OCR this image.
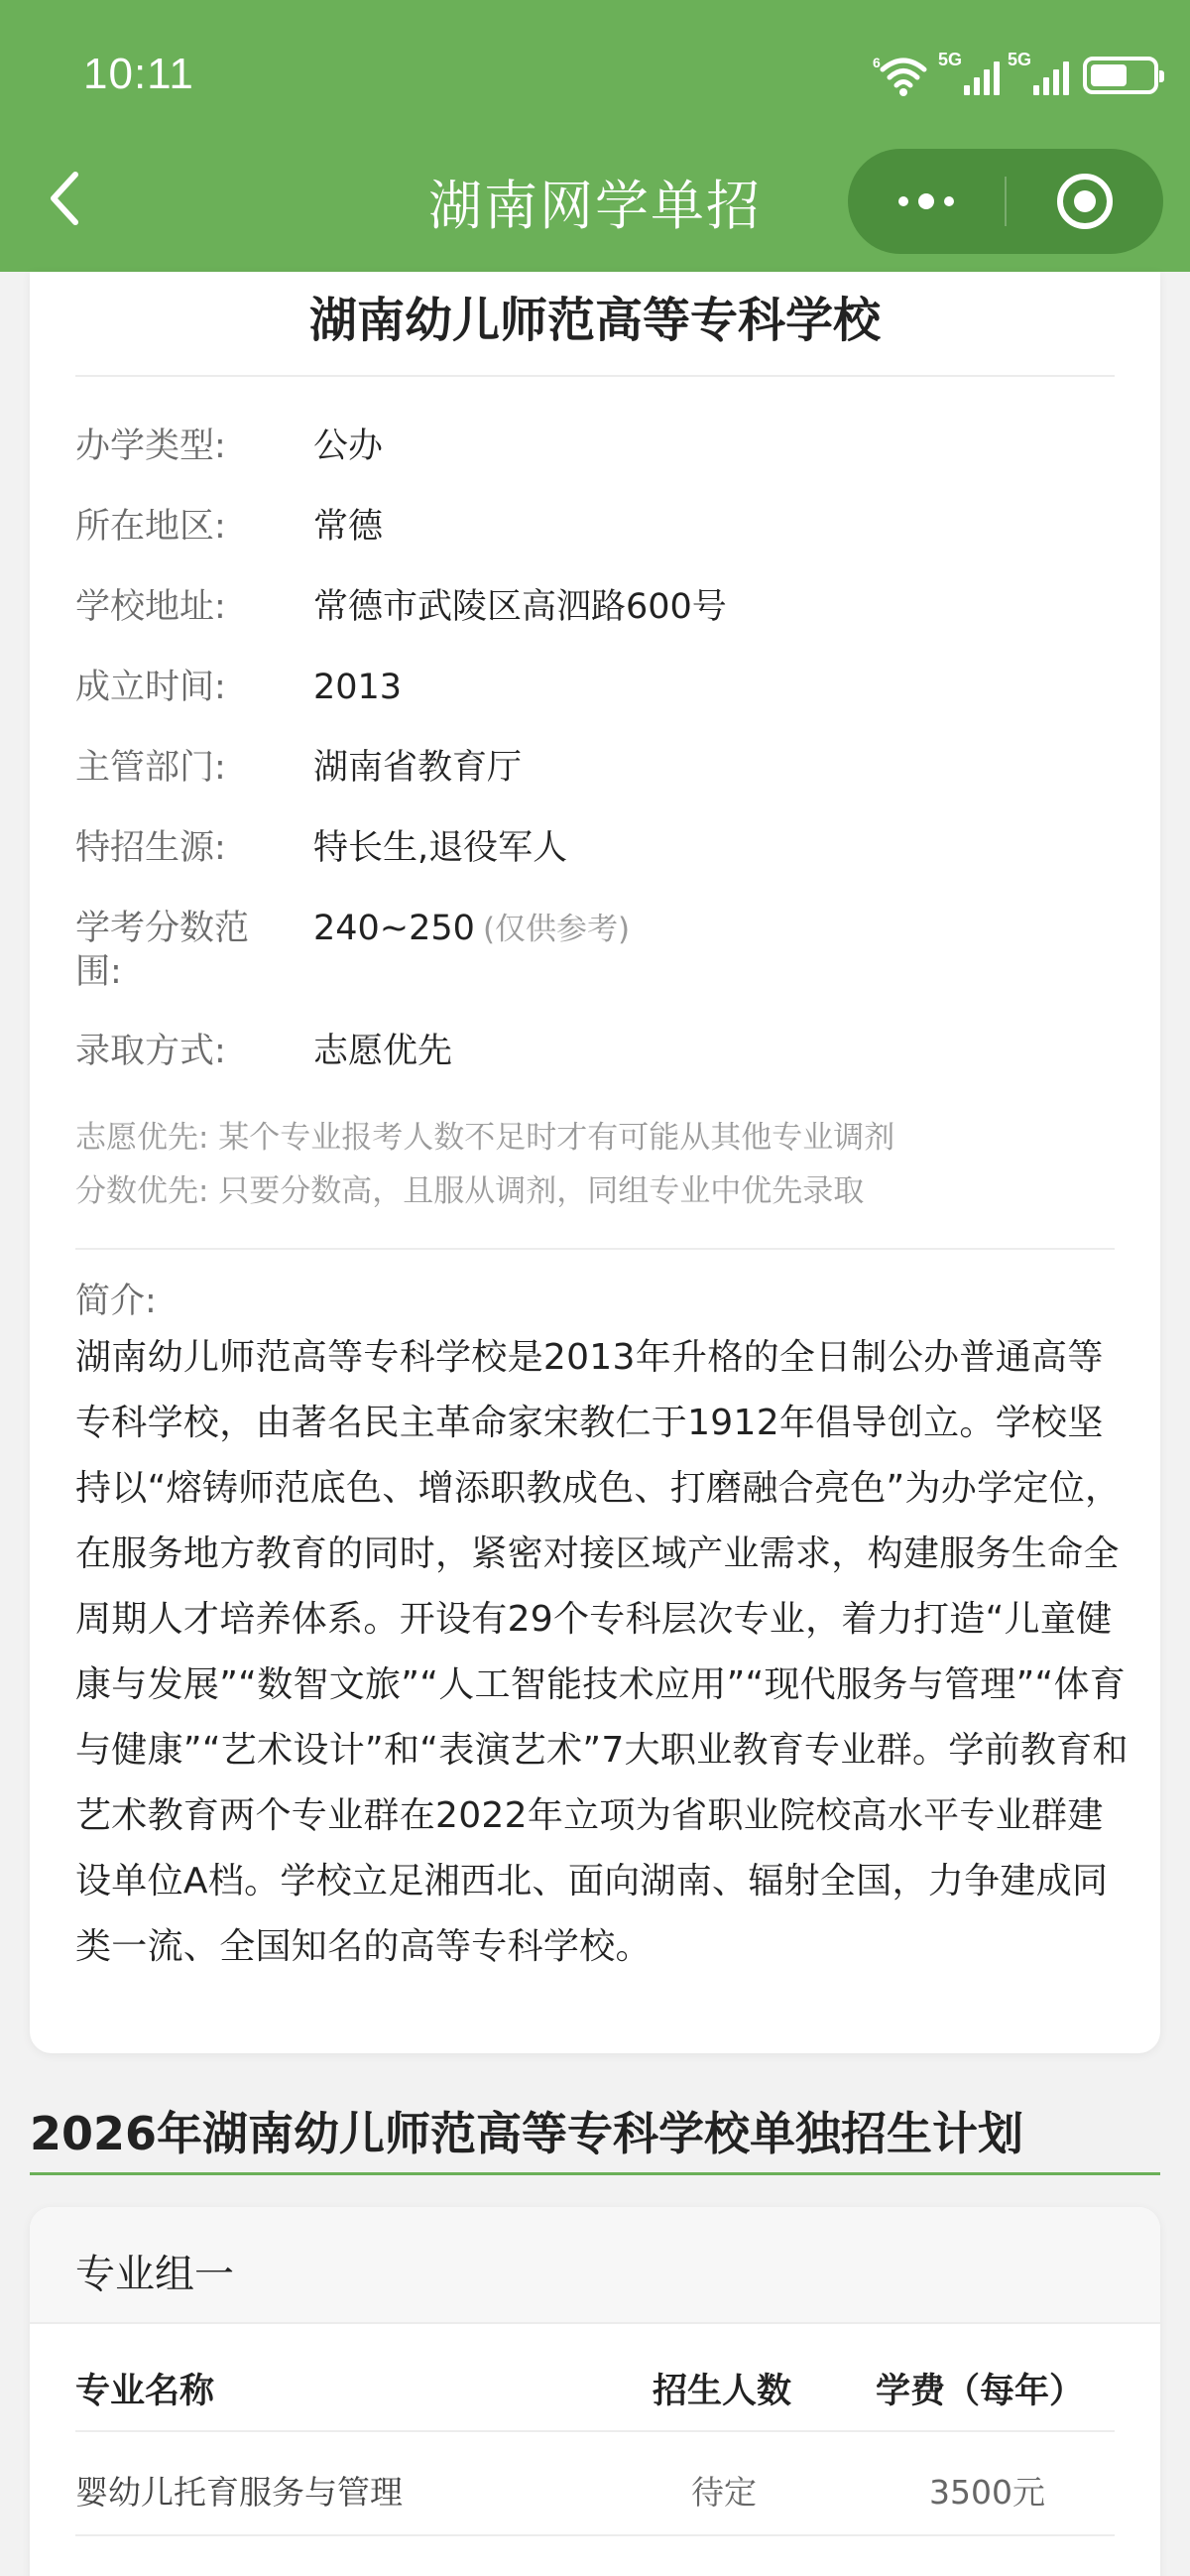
10:11	6	5G	5G
湖南网学单招
湖南幼儿师范高等专科学校
办学类型:	公办
所在地区:	常德
学校地址:	常德市武陵区高泗路600号
成立时间:	2013
主管部门:	湖南省教育厅
特招生源:	特长生,退役军人
学考分数范围:
240~250 (仅供参考)
录取方式:	志愿优先
志愿优先: 某个专业报考人数不足时才有可能从其他专业调剂
分数优先: 只要分数高，且服从调剂，同组专业中优先录取
简介:
湖南幼儿师范高等专科学校是2013年升格的全日制公办普通高等专科学校，由著名民主革命家宋教仁于1912年倡导创立。学校坚持以“熔铸师范底色、增添职教成色、打磨融合亮色”为办学定位，在服务地方教育的同时，紧密对接区域产业需求，构建服务生命全周期人才培养体系。开设有29个专科层次专业，着力打造“儿童健康与发展”“数智文旅”“人工智能技术应用”“现代服务与管理”“体育与健康”“艺术设计”和“表演艺术”7大职业教育专业群。学前教育和艺术教育两个专业群在2022年立项为省职业院校高水平专业群建设单位A档。学校立足湘西北、面向湖南、辐射全国，力争建成同类一流、全国知名的高等专科学校。
2026年湖南幼儿师范高等专科学校单独招生计划
专业组一
专业名称	招生人数 学费（每年）
婴幼儿托育服务与管理	待定	3500元
